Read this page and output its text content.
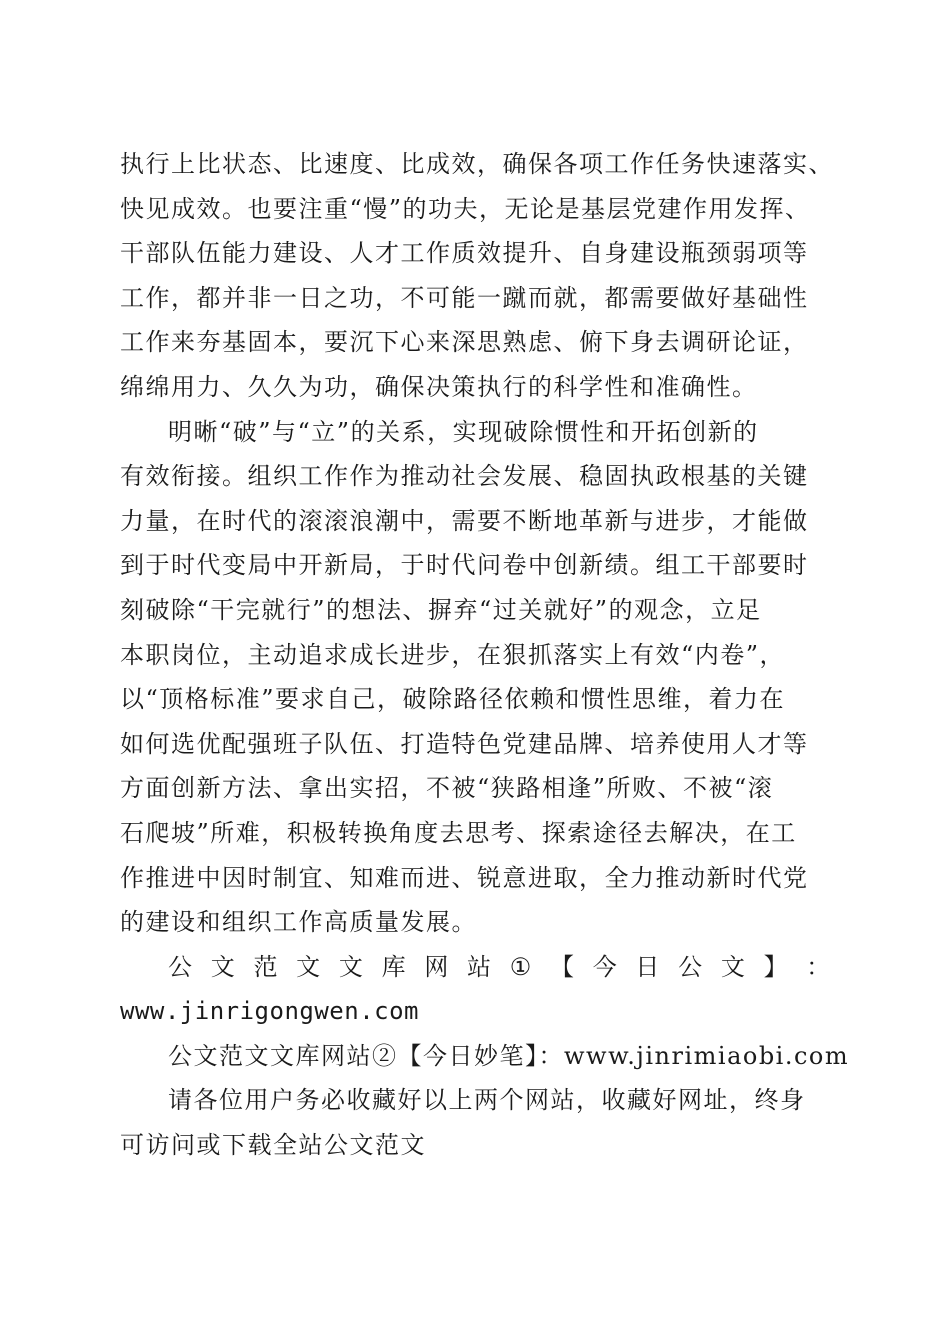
执行上比状态、比速度、比成效，确保各项工作任务快速落实、
快见成效。也要注重“慢”的功夫，无论是基层党建作用发挥、
干部队伍能力建设、人才工作质效提升、自身建设瓶颈弱项等
工作，都并非一日之功，不可能一蹴而就，都需要做好基础性
工作来夯基固本，要沉下心来深思熟虑、俯下身去调研论证，
绵绵用力、久久为功，确保决策执行的科学性和准确性。
明晰“破”与“立”的关系，实现破除惯性和开拓创新的
有效衔接。组织工作作为推动社会发展、稳固执政根基的关键
力量，在时代的滚滚浪潮中，需要不断地革新与进步，才能做
到于时代变局中开新局，于时代问卷中创新绩。组工干部要时
刻破除“干完就行”的想法、摒弃“过关就好”的观念，立足
本职岗位，主动追求成长进步，在狠抓落实上有效“内卷”，
以“顶格标准”要求自己，破除路径依赖和惯性思维，着力在
如何选优配强班子队伍、打造特色党建品牌、培养使用人才等
方面创新方法、拿出实招，不被“狭路相逢”所败、不被“滚
石爬坡”所难，积极转换角度去思考、探索途径去解决，在工
作推进中因时制宜、知难而进、锐意进取，全力推动新时代党
的建设和组织工作高质量发展。
公 文 范 文 文 库 网 站 ① 【 今 日 公 文 】 ：
www.jinrigongwen.com
公文范文文库网站②【今日妙笔】：www.jinrimiaobi.com
请各位用户务必收藏好以上两个网站，收藏好网址，终身
可访问或下载全站公文范文
